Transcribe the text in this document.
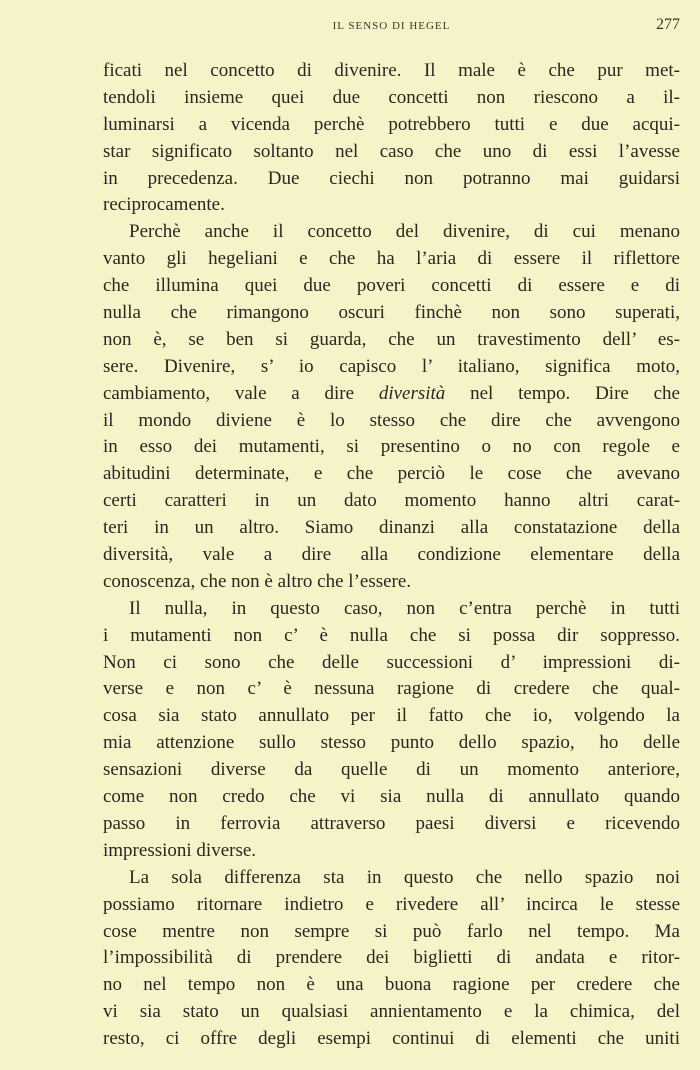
IL SENSO DI HEGEL	277
ficati nel concetto di divenire. Il male è che pur met-
tendoli insieme quei due concetti non riescono a il-
luminarsi a vicenda perchè potrebbero tutti e due acqui-
star significato soltanto nel caso che uno di essi l’avesse
in precedenza. Due ciechi non potranno mai guidarsi
reciprocamente.
Perchè anche il concetto del divenire, di cui menano
vanto gli hegeliani e che ha l’aria di essere il riflettore
che illumina quei due poveri concetti di essere e di
nulla che rimangono oscuri finchè non sono superati,
non è, se ben si guarda, che un travestimento dell’ es-
sere. Divenire, s’ io capisco l’ italiano, significa moto,
cambiamento, vale a dire diversità nel tempo. Dire che
il mondo diviene è lo stesso che dire che avvengono
in esso dei mutamenti, si presentino o no con regole e
abitudini determinate, e che perciò le cose che avevano
certi caratteri in un dato momento hanno altri carat-
teri in un altro. Siamo dinanzi alla constatazione della
diversità, vale a dire alla condizione elementare della
conoscenza, che non è altro che l’essere.
Il nulla, in questo caso, non c’entra perchè in tutti
i mutamenti non c’ è nulla che si possa dir soppresso.
Non ci sono che delle successioni d’ impressioni di-
verse e non c’ è nessuna ragione di credere che qual-
cosa sia stato annullato per il fatto che io, volgendo la
mia attenzione sullo stesso punto dello spazio, ho delle
sensazioni diverse da quelle di un momento anteriore,
come non credo che vi sia nulla di annullato quando
passo in ferrovia attraverso paesi diversi e ricevendo
impressioni diverse.
La sola differenza sta in questo che nello spazio noi
possiamo ritornare indietro e rivedere all’ incirca le stesse
cose mentre non sempre si può farlo nel tempo. Ma
l’impossibilità di prendere dei biglietti di andata e ritor-
no nel tempo non è una buona ragione per credere che
vi sia stato un qualsiasi annientamento e la chimica, del
resto, ci offre degli esempi continui di elementi che uniti
